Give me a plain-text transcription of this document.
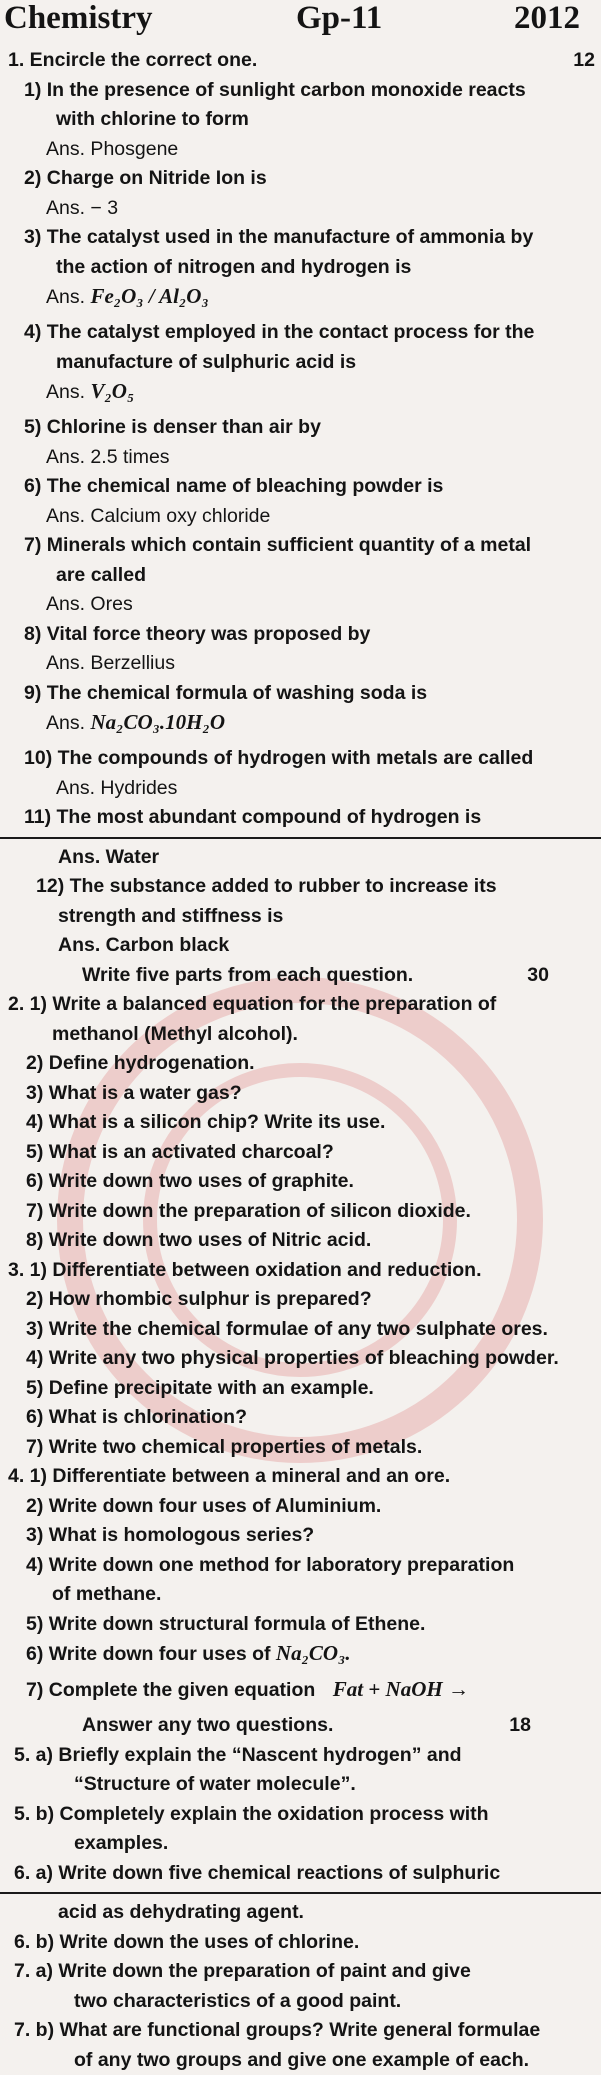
Chemistry	Gp-11	2012
1. Encircle the correct one.	12
1) In the presence of sunlight carbon monoxide reacts
with chlorine to form
Ans. Phosgene
2) Charge on Nitride Ion is
Ans. − 3
3) The catalyst used in the manufacture of ammonia by
the action of nitrogen and hydrogen is
Ans. Fe₂O₃ / Al₂O₃
4) The catalyst employed in the contact process for the
manufacture of sulphuric acid is
Ans. V₂O₅
5) Chlorine is denser than air by
Ans. 2.5 times
6) The chemical name of bleaching powder is
Ans. Calcium oxy chloride
7) Minerals which contain sufficient quantity of a metal
are called
Ans. Ores
8) Vital force theory was proposed by
Ans. Berzellius
9) The chemical formula of washing soda is
Ans. Na₂CO₃.10H₂O
10) The compounds of hydrogen with metals are called
Ans. Hydrides
11) The most abundant compound of hydrogen is
Ans. Water
12) The substance added to rubber to increase its
strength and stiffness is
Ans. Carbon black
Write five parts from each question.	30
2. 1) Write a balanced equation for the preparation of
methanol (Methyl alcohol).
2) Define hydrogenation.
3) What is a water gas?
4) What is a silicon chip? Write its use.
5) What is an activated charcoal?
6) Write down two uses of graphite.
7) Write down the preparation of silicon dioxide.
8) Write down two uses of Nitric acid.
3. 1) Differentiate between oxidation and reduction.
2) How rhombic sulphur is prepared?
3) Write the chemical formulae of any two sulphate ores.
4) Write any two physical properties of bleaching powder.
5) Define precipitate with an example.
6) What is chlorination?
7) Write two chemical properties of metals.
4. 1) Differentiate between a mineral and an ore.
2) Write down four uses of Aluminium.
3) What is homologous series?
4) Write down one method for laboratory preparation
of methane.
5) Write down structural formula of Ethene.
6) Write down four uses of Na₂CO₃.
7) Complete the given equation Fat + NaOH →
Answer any two questions.	18
5. a) Briefly explain the “Nascent hydrogen” and
“Structure of water molecule”.
5. b) Completely explain the oxidation process with
examples.
6. a) Write down five chemical reactions of sulphuric
acid as dehydrating agent.
6. b) Write down the uses of chlorine.
7. a) Write down the preparation of paint and give
two characteristics of a good paint.
7. b) What are functional groups? Write general formulae
of any two groups and give one example of each.
